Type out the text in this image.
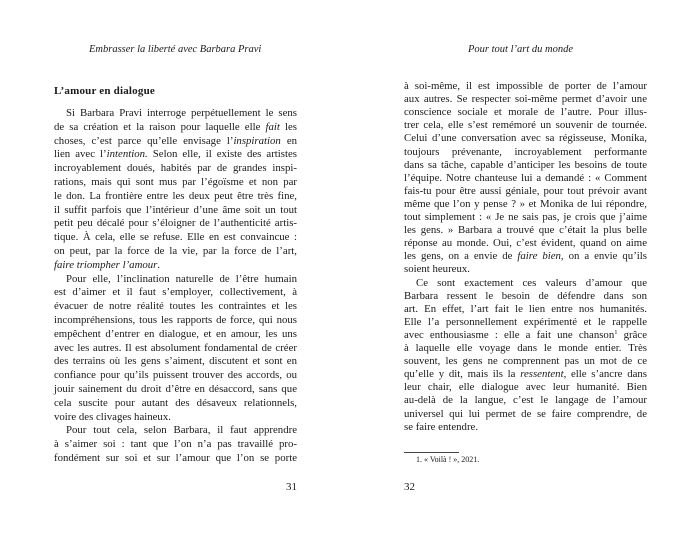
Embrasser la liberté avec Barbara Pravi
L’amour en dialogue
Si Barbara Pravi interroge perpétuellement le sens
de sa création et la raison pour laquelle elle fait les
choses, c’est parce qu’elle envisage l’inspiration en
lien avec l’intention. Selon elle, il existe des artistes
incroyablement doués, habités par de grandes inspi-
rations, mais qui sont mus par l’égoïsme et non par
le don. La frontière entre les deux peut être très fine,
il suffit parfois que l’intérieur d’une âme soit un tout
petit peu décalé pour s’éloigner de l’authenticité artis-
tique. À cela, elle se refuse. Elle en est convaincue :
on peut, par la force de la vie, par la force de l’art,
faire triompher l’amour.
Pour elle, l’inclination naturelle de l’être humain
est d’aimer et il faut s’employer, collectivement, à
évacuer de notre réalité toutes les contraintes et les
incompréhensions, tous les rapports de force, qui nous
empêchent d’entrer en dialogue, et en amour, les uns
avec les autres. Il est absolument fondamental de créer
des terrains où les gens s’aiment, discutent et sont en
confiance pour qu’ils puissent trouver des accords, ou
jouir sainement du droit d’être en désaccord, sans que
cela suscite pour autant des désaveux relationnels,
voire des clivages haineux.
Pour tout cela, selon Barbara, il faut apprendre
à s’aimer soi : tant que l’on n’a pas travaillé pro-
fondément sur soi et sur l’amour que l’on se porte
31
Pour tout l’art du monde
à soi-même, il est impossible de porter de l’amour
aux autres. Se respecter soi-même permet d’avoir une
conscience sociale et morale de l’autre. Pour illus-
trer cela, elle s’est remémoré un souvenir de tournée.
Celui d’une conversation avec sa régisseuse, Monika,
toujours prévenante, incroyablement performante
dans sa tâche, capable d’anticiper les besoins de toute
l’équipe. Notre chanteuse lui a demandé : « Comment
fais-tu pour être aussi géniale, pour tout prévoir avant
même que l’on y pense ? » et Monika de lui répondre,
tout simplement : « Je ne sais pas, je crois que j’aime
les gens. » Barbara a trouvé que c’était la plus belle
réponse au monde. Oui, c’est évident, quand on aime
les gens, on a envie de faire bien, on a envie qu’ils
soient heureux.
Ce sont exactement ces valeurs d’amour que
Barbara ressent le besoin de défendre dans son
art. En effet, l’art fait le lien entre nos humanités.
Elle l’a personnellement expérimenté et le rappelle
avec enthousiasme : elle a fait une chanson$^1$ grâce
à laquelle elle voyage dans le monde entier. Très
souvent, les gens ne comprennent pas un mot de ce
qu’elle y dit, mais ils la ressentent, elle s’ancre dans
leur chair, elle dialogue avec leur humanité. Bien
au-delà de la langue, c’est le langage de l’amour
universel qui lui permet de se faire comprendre, de
se faire entendre.
1. « Voilà ! », 2021.
32
